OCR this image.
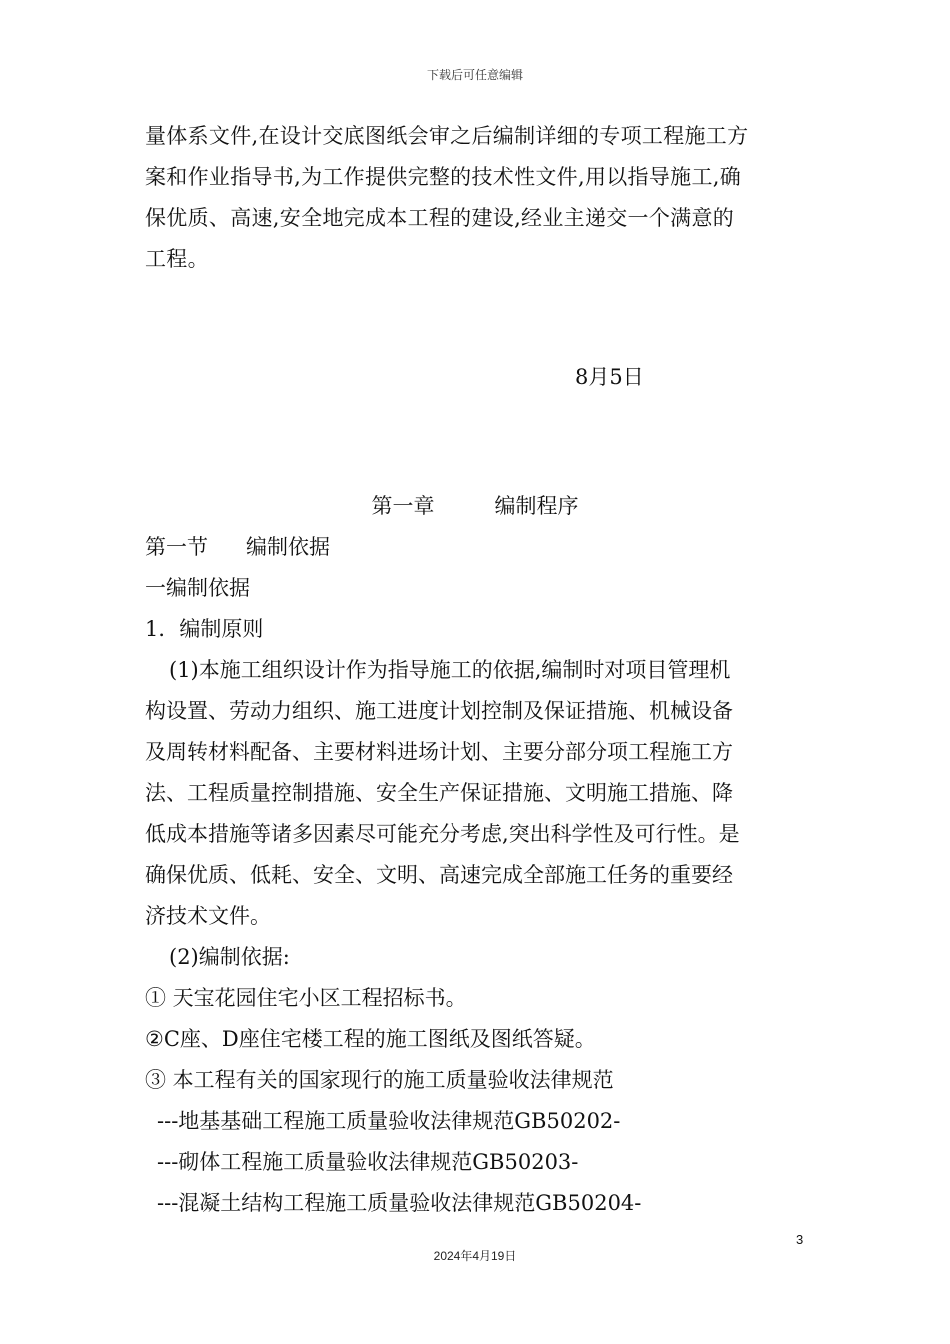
下载后可任意编辑
量体系文件,在设计交底图纸会审之后编制详细的专项工程施工方
案和作业指导书,为工作提供完整的技术性文件,用以指导施工,确
保优质、高速,安全地完成本工程的建设,经业主递交一个满意的
工程。
8月5日
第一章	编制程序
第一节 编制依据
一编制依据
1．编制原则
(1)本施工组织设计作为指导施工的依据,编制时对项目管理机
构设置、劳动力组织、施工进度计划控制及保证措施、机械设备
及周转材料配备、主要材料进场计划、主要分部分项工程施工方
法、工程质量控制措施、安全生产保证措施、文明施工措施、降
低成本措施等诸多因素尽可能充分考虑,突出科学性及可行性。是
确保优质、低耗、安全、文明、高速完成全部施工任务的重要经
济技术文件。
(2)编制依据:
① 天宝花园住宅小区工程招标书。
②C座、D座住宅楼工程的施工图纸及图纸答疑。
③ 本工程有关的国家现行的施工质量验收法律规范
---地基基础工程施工质量验收法律规范GB50202-
---砌体工程施工质量验收法律规范GB50203-
---混凝土结构工程施工质量验收法律规范GB50204-
3
2024年4月19日
